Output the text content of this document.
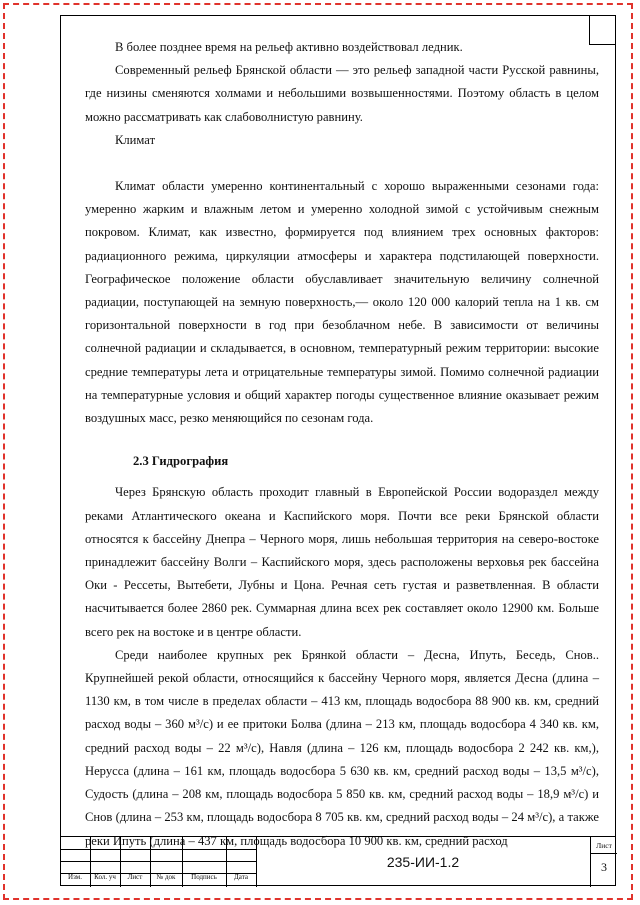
В более позднее время на рельеф активно воздействовал ледник.

Современный рельеф Брянской области — это рельеф западной части Русской равнины, где низины сменяются холмами и небольшими возвышенностями. Поэтому область в целом можно рассматривать как слабоволнистую равнину.

Климат

Климат области умеренно континентальный с хорошо выраженными сезонами года: умеренно жарким и влажным летом и умеренно холодной зимой с устойчивым снежным покровом. Климат, как известно, формируется под влиянием трех основных факторов: радиационного режима, циркуляции атмосферы и характера подстилающей поверхности. Географическое положение области обуславливает значительную величину солнечной радиации, поступающей на земную поверхность,— около 120 000 калорий тепла на 1 кв. см горизонтальной поверхности в год при безоблачном небе. В зависимости от величины солнечной радиации и складывается, в основном, температурный режим территории: высокие средние температуры лета и отрицательные температуры зимой. Помимо солнечной радиации на температурные условия и общий характер погоды существенное влияние оказывает режим воздушных масс, резко меняющийся по сезонам года.

2.3 Гидрография

Через Брянскую область проходит главный в Европейской России водораздел между реками Атлантического океана и Каспийского моря. Почти все реки Брянской области относятся к бассейну Днепра – Черного моря, лишь небольшая территория на северо-востоке принадлежит бассейну Волги – Каспийского моря, здесь расположены верховья рек бассейна Оки - Рессеты, Вытебети, Лубны и Цона. Речная сеть густая и разветвленная. В области насчитывается более 2860 рек. Суммарная длина всех рек составляет около 12900 км. Больше всего рек на востоке и в центре области.

Среди наиболее крупных рек Брянкой области – Десна, Ипуть, Беседь, Снов.. Крупнейшей рекой области, относящийся к бассейну Черного моря, является Десна (длина – 1130 км, в том числе в пределах области – 413 км, площадь водосбора 88 900 кв. км, средний расход воды – 360 м³/с) и ее притоки Болва (длина – 213 км, площадь водосбора 4 340 кв. км, средний расход воды – 22 м³/с), Навля (длина – 126 км, площадь водосбора 2 242 кв. км,), Нерусса (длина – 161 км, площадь водосбора 5 630 кв. км, средний расход воды – 13,5 м³/с), Судость (длина – 208 км, площадь водосбора 5 850 кв. км, средний расход воды – 18,9 м³/с) и Снов (длина – 253 км, площадь водосбора 8 705 кв. км, средний расход воды – 24 м³/с), а также реки Ипуть (длина – 437 км, площадь водосбора 10 900 кв. км, средний расход

Изм.	Кол. уч	Лист	№ док	Подпись	Дата
235-ИИ-1.2
Лист
3
